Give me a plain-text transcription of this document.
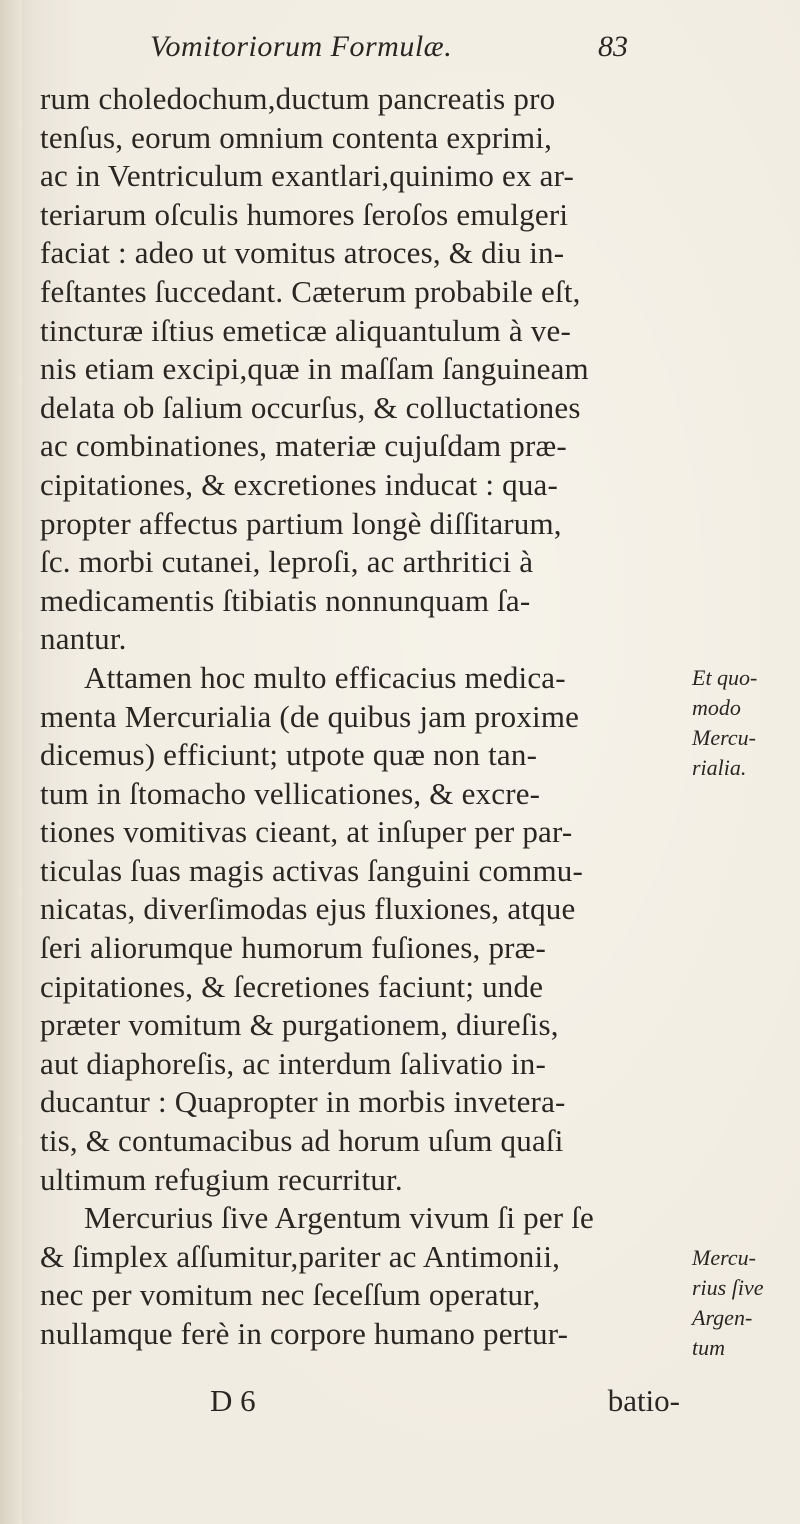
Vomitoriorum Formulæ.	83
rum choledochum,ductum pancreatis pro
tenſus, eorum omnium contenta exprimi,
ac in Ventriculum exantlari,quinimo ex ar-
teriarum oſculis humores ſeroſos emulgeri
faciat : adeo ut vomitus atroces, & diu in-
feſtantes ſuccedant. Cæterum probabile eſt,
tincturæ iſtius emeticæ aliquantulum à ve-
nis etiam excipi,quæ in maſſam ſanguineam
delata ob ſalium occurſus, & colluctationes
ac combinationes, materiæ cujuſdam præ-
cipitationes, & excretiones inducat : qua-
propter affectus partium longè diſſitarum,
ſc. morbi cutanei, leproſi, ac arthritici à
medicamentis ſtibiatis nonnunquam ſa-
nantur.
Attamen hoc multo efficacius medica-
menta Mercurialia (de quibus jam proxime
dicemus) efficiunt; utpote quæ non tan-
tum in ſtomacho vellicationes, & excre-
tiones vomitivas cieant, at inſuper per par-
ticulas ſuas magis activas ſanguini commu-
nicatas, diverſimodas ejus fluxiones, atque
ſeri aliorumque humorum fuſiones, præ-
cipitationes, & ſecretiones faciunt; unde
præter vomitum & purgationem, diureſis,
aut diaphoreſis, ac interdum ſalivatio in-
ducantur : Quapropter in morbis invetera-
tis, & contumacibus ad horum uſum quaſi
ultimum refugium recurritur.
Mercurius ſive Argentum vivum ſi per ſe
& ſimplex aſſumitur,pariter ac Antimonii,
nec per vomitum nec ſeceſſum operatur,
nullamque ferè in corpore humano pertur-
D 6	batio-
Et quo-
modo
Mercu-
rialia.
Mercu-
rius ſive
Argen-
tum
